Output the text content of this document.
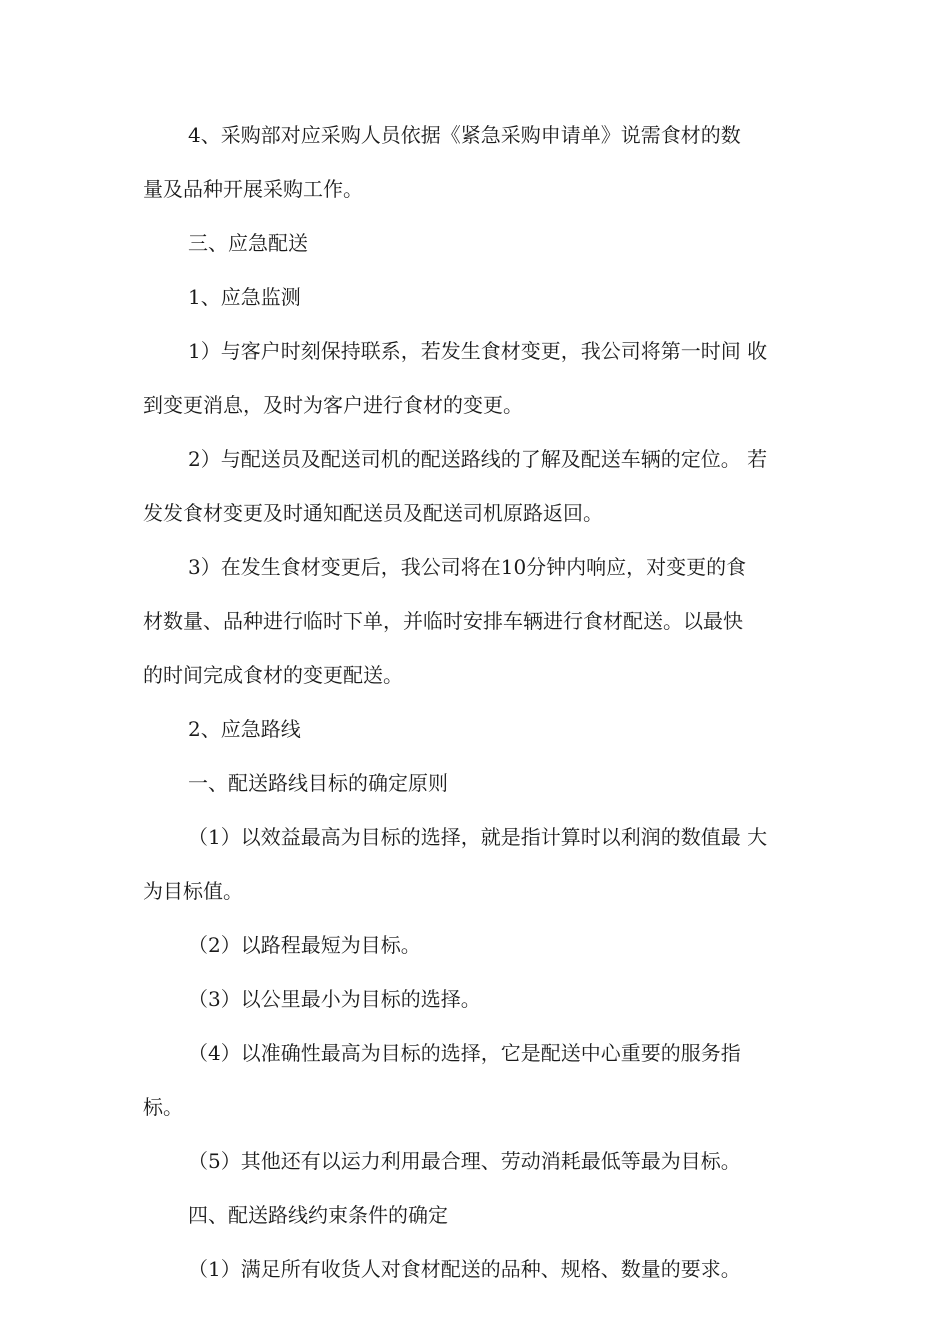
4、采购部对应采购人员依据《紧急采购申请单》说需食材的数
量及品种开展采购工作。
三、应急配送
1、应急监测
1）与客户时刻保持联系，若发生食材变更，我公司将第一时间 收
到变更消息，及时为客户进行食材的变更。
2）与配送员及配送司机的配送路线的了解及配送车辆的定位。 若
发发食材变更及时通知配送员及配送司机原路返回。
3）在发生食材变更后，我公司将在10分钟内响应，对变更的食
材数量、品种进行临时下单，并临时安排车辆进行食材配送。以最快
的时间完成食材的变更配送。
2、应急路线
一、配送路线目标的确定原则
（1）以效益最高为目标的选择，就是指计算时以利润的数值最 大
为目标值。
（2）以路程最短为目标。
（3）以公里最小为目标的选择。
（4）以准确性最高为目标的选择，它是配送中心重要的服务指
标。
（5）其他还有以运力利用最合理、劳动消耗最低等最为目标。
四、配送路线约束条件的确定
（1）满足所有收货人对食材配送的品种、规格、数量的要求。
